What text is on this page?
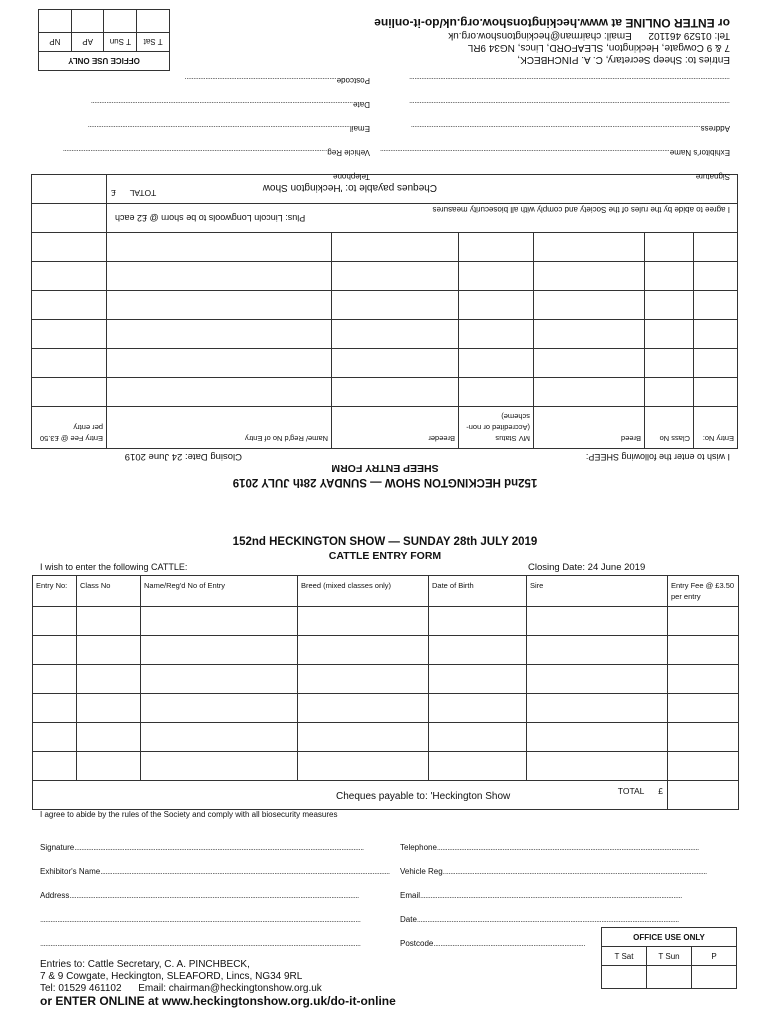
152nd HECKINGTON SHOW — SUNDAY 28th JULY 2019
SHEEP ENTRY FORM
I wish to enter the following SHEEP:
Closing Date: 24 June 2019
Entry No:	Class No	Breed	MV Status (Accredited or non-scheme)	Breeder	Name/ Reg'd No of Entry	Entry Fee @ £3.50 per entry

Plus: Lincoln Longwools to be shorn @ £2 each						
Cheques payable to: 'Heckington Show
TOTAL      £						

I agree to abide by the rules of the Society and comply with all biosecurity measures
Signature........................................................................................................................................................................
Telephone........................................................................................................................................................
Exhibitor's Name........................................................................................................................................................................
Vehicle Reg.........................................................................................................................................................
Address........................................................................................................................................................................
Email........................................................................................................................................................
..........................................................................................................................................................................................
Date........................................................................................................................................................
..........................................................................................................................................................................................
Postcode........................................................................................
Entries to: Sheep Secretary, C. A. PINCHBECK,
7 & 9 Cowgate, Heckington, SLEAFORD, Lincs, NG34 9RL
Tel: 01529 461102      Email: chairman@heckingtonshow.org.uk
or ENTER ONLINE at www.heckingtonshow.org.uk/do-it-online
OFFICE USE ONLY			
T Sat	T Sun	AP	NP

152nd HECKINGTON SHOW — SUNDAY 28th JULY 2019
CATTLE ENTRY FORM
I wish to enter the following CATTLE:	Closing Date: 24 June 2019
Entry No:	Class No	Name/Reg'd No of Entry	Breed (mixed classes only)	Date of Birth	Sire	Entry Fee @ £3.50 per entry

Cheques payable to: 'Heckington Show TOTAL £						

I agree to abide by the rules of the Society and comply with all biosecurity measures
Signature........................................................................................................................................................................	Telephone........................................................................................................................................................
Exhibitor's Name........................................................................................................................................................................	Vehicle Reg.........................................................................................................................................................
Address........................................................................................................................................................................	Email........................................................................................................................................................
..........................................................................................................................................................................................	Date........................................................................................................................................................
..........................................................................................................................................................................................	Postcode........................................................................................
Entries to: Cattle Secretary, C. A. PINCHBECK,
7 & 9 Cowgate, Heckington, SLEAFORD, Lincs, NG34 9RL
Tel: 01529 461102 Email: chairman@heckingtonshow.org.uk
or ENTER ONLINE at www.heckingtonshow.org.uk/do-it-online
OFFICE USE ONLY		
T Sat	T Sun	P
